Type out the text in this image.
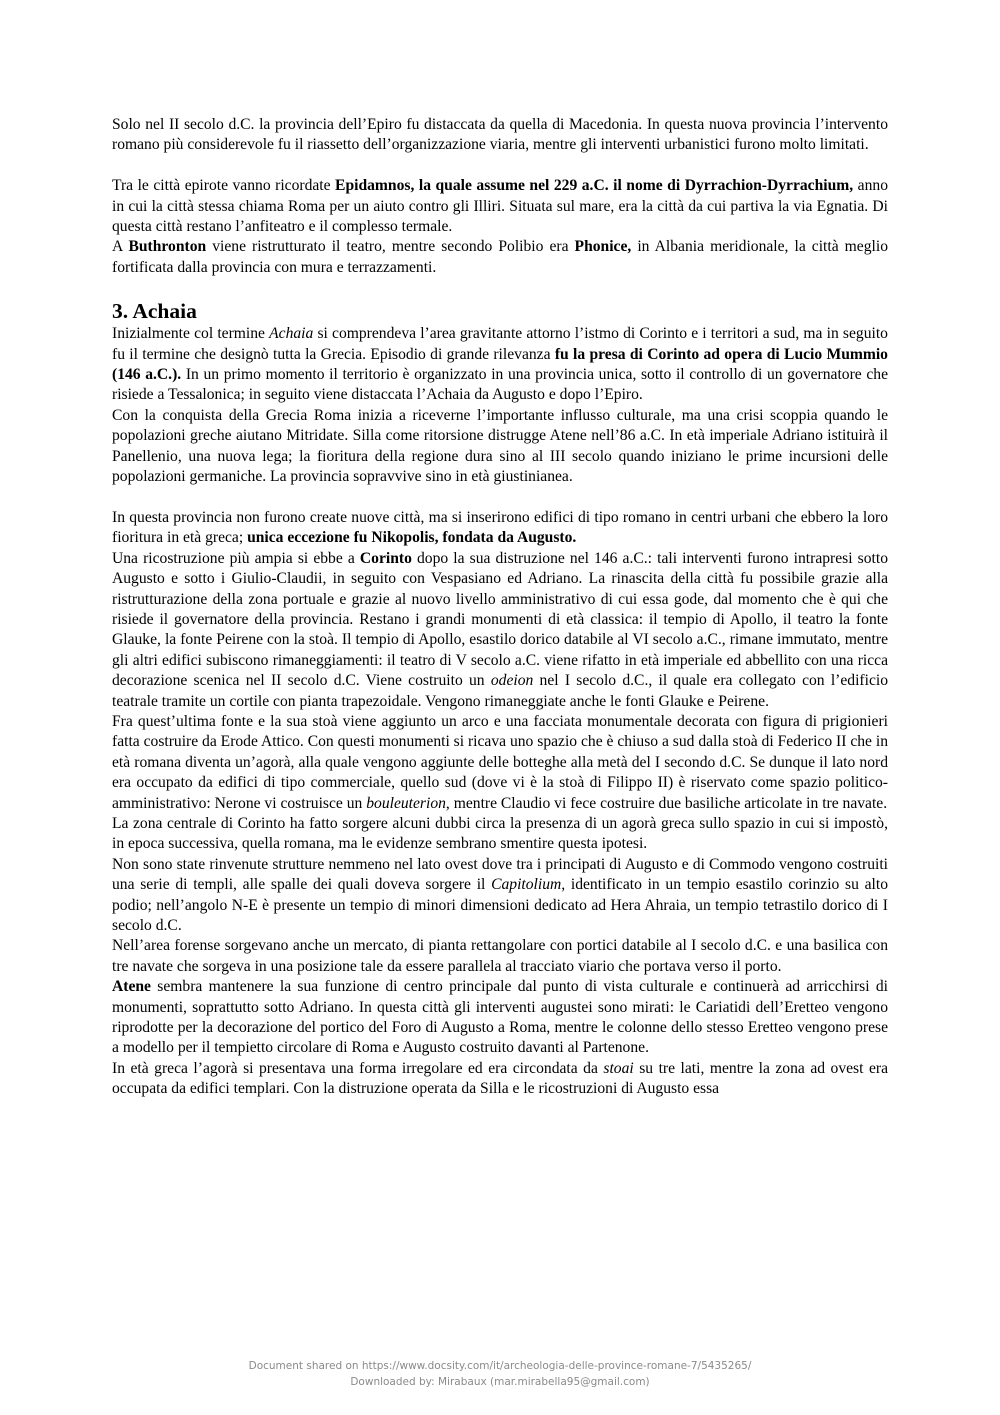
Solo nel II secolo d.C. la provincia dell’Epiro fu distaccata da quella di Macedonia. In questa nuova provincia l’intervento romano più considerevole fu il riassetto dell’organizzazione viaria, mentre gli interventi urbanistici furono molto limitati.

Tra le città epirote vanno ricordate Epidamnos, la quale assume nel 229 a.C. il nome di Dyrrachion-Dyrrachium, anno in cui la città stessa chiama Roma per un aiuto contro gli Illiri. Situata sul mare, era la città da cui partiva la via Egnatia. Di questa città restano l’anfiteatro e il complesso termale.

A Buthronton viene ristrutturato il teatro, mentre secondo Polibio era Phonice, in Albania meridionale, la città meglio fortificata dalla provincia con mura e terrazzamenti.

3. Achaia

Inizialmente col termine Achaia si comprendeva l’area gravitante attorno l’istmo di Corinto e i territori a sud, ma in seguito fu il termine che designò tutta la Grecia. Episodio di grande rilevanza fu la presa di Corinto ad opera di Lucio Mummio (146 a.C.). In un primo momento il territorio è organizzato in una provincia unica, sotto il controllo di un governatore che risiede a Tessalonica; in seguito viene distaccata l’Achaia da Augusto e dopo l’Epiro.

Con la conquista della Grecia Roma inizia a riceverne l’importante influsso culturale, ma una crisi scoppia quando le popolazioni greche aiutano Mitridate. Silla come ritorsione distrugge Atene nell’86 a.C. In età imperiale Adriano istituirà il Panellenio, una nuova lega; la fioritura della regione dura sino al III secolo quando iniziano le prime incursioni delle popolazioni germaniche. La provincia sopravvive sino in età giustinianea.

In questa provincia non furono create nuove città, ma si inserirono edifici di tipo romano in centri urbani che ebbero la loro fioritura in età greca; unica eccezione fu Nikopolis, fondata da Augusto.

Una ricostruzione più ampia si ebbe a Corinto dopo la sua distruzione nel 146 a.C.: tali interventi furono intrapresi sotto Augusto e sotto i Giulio-Claudii, in seguito con Vespasiano ed Adriano. La rinascita della città fu possibile grazie alla ristrutturazione della zona portuale e grazie al nuovo livello amministrativo di cui essa gode, dal momento che è qui che risiede il governatore della provincia. Restano i grandi monumenti di età classica: il tempio di Apollo, il teatro la fonte Glauke, la fonte Peirene con la stoà. Il tempio di Apollo, esastilo dorico databile al VI secolo a.C., rimane immutato, mentre gli altri edifici subiscono rimaneggiamenti: il teatro di V secolo a.C. viene rifatto in età imperiale ed abbellito con una ricca decorazione scenica nel II secolo d.C. Viene costruito un odeion nel I secolo d.C., il quale era collegato con l’edificio teatrale tramite un cortile con pianta trapezoidale. Vengono rimaneggiate anche le fonti Glauke e Peirene.

Fra quest’ultima fonte e la sua stoà viene aggiunto un arco e una facciata monumentale decorata con figura di prigionieri fatta costruire da Erode Attico. Con questi monumenti si ricava uno spazio che è chiuso a sud dalla stoà di Federico II che in età romana diventa un’agorà, alla quale vengono aggiunte delle botteghe alla metà del I secondo d.C. Se dunque il lato nord era occupato da edifici di tipo commerciale, quello sud (dove vi è la stoà di Filippo II) è riservato come spazio politico-amministrativo: Nerone vi costruisce un bouleuterion, mentre Claudio vi fece costruire due basiliche articolate in tre navate.

La zona centrale di Corinto ha fatto sorgere alcuni dubbi circa la presenza di un agorà greca sullo spazio in cui si impostò, in epoca successiva, quella romana, ma le evidenze sembrano smentire questa ipotesi.

Non sono state rinvenute strutture nemmeno nel lato ovest dove tra i principati di Augusto e di Commodo vengono costruiti una serie di templi, alle spalle dei quali doveva sorgere il Capitolium, identificato in un tempio esastilo corinzio su alto podio; nell’angolo N-E è presente un tempio di minori dimensioni dedicato ad Hera Ahraia, un tempio tetrastilo dorico di I secolo d.C.

Nell’area forense sorgevano anche un mercato, di pianta rettangolare con portici databile al I secolo d.C. e una basilica con tre navate che sorgeva in una posizione tale da essere parallela al tracciato viario che portava verso il porto.

Atene sembra mantenere la sua funzione di centro principale dal punto di vista culturale e continuerà ad arricchirsi di monumenti, soprattutto sotto Adriano. In questa città gli interventi augustei sono mirati: le Cariatidi dell’Eretteo vengono riprodotte per la decorazione del portico del Foro di Augusto a Roma, mentre le colonne dello stesso Eretteo vengono prese a modello per il tempietto circolare di Roma e Augusto costruito davanti al Partenone.

In età greca l’agorà si presentava una forma irregolare ed era circondata da stoai su tre lati, mentre la zona ad ovest era occupata da edifici templari. Con la distruzione operata da Silla e le ricostruzioni di Augusto essa

Document shared on https://www.docsity.com/it/archeologia-delle-province-romane-7/5435265/
Downloaded by: Mirabaux (mar.mirabella95@gmail.com)
